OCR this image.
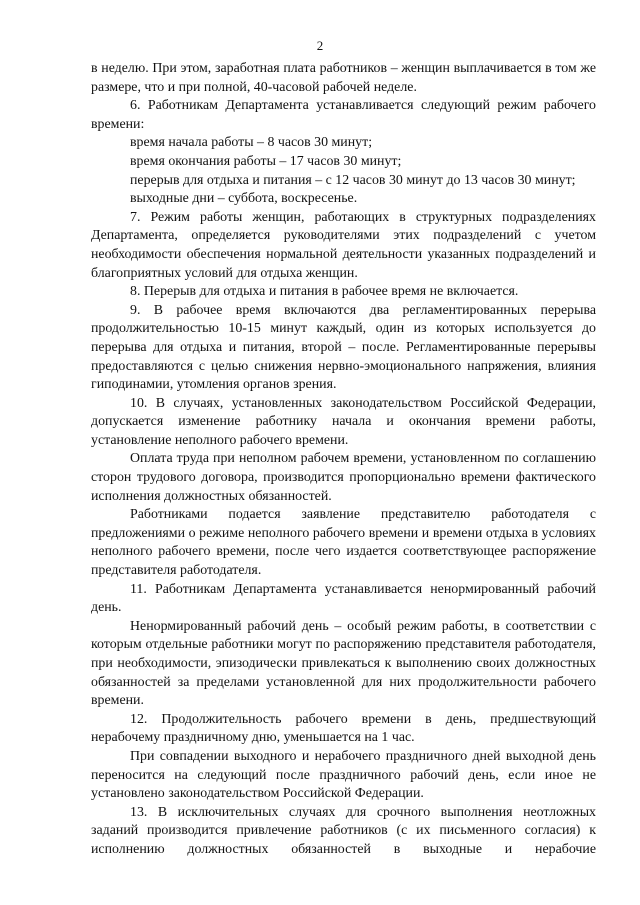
2

в неделю. При этом, заработная плата работников – женщин выплачивается в том же размере, что и при полной, 40-часовой рабочей неделе.

6. Работникам Департамента устанавливается следующий режим рабочего времени:

время начала работы – 8 часов 30 минут;

время окончания работы – 17 часов 30 минут;

перерыв для отдыха и питания – с 12 часов 30 минут до 13 часов 30 минут;

выходные дни – суббота, воскресенье.

7. Режим работы женщин, работающих в структурных подразделениях Департамента, определяется руководителями этих подразделений с учетом необходимости обеспечения нормальной деятельности указанных подразделений и благоприятных условий для отдыха женщин.

8. Перерыв для отдыха и питания в рабочее время не включается.

9. В рабочее время включаются два регламентированных перерыва продолжительностью 10-15 минут каждый, один из которых используется до перерыва для отдыха и питания, второй – после. Регламентированные перерывы предоставляются с целью снижения нервно-эмоционального напряжения, влияния гиподинамии, утомления органов зрения.

10. В случаях, установленных законодательством Российской Федерации, допускается изменение работнику начала и окончания времени работы, установление неполного рабочего времени.

Оплата труда при неполном рабочем времени, установленном по соглашению сторон трудового договора, производится пропорционально времени фактического исполнения должностных обязанностей.

Работниками подается заявление представителю работодателя с предложениями о режиме неполного рабочего времени и времени отдыха в условиях неполного рабочего времени, после чего издается соответствующее распоряжение представителя работодателя.

11. Работникам Департамента устанавливается ненормированный рабочий день.

Ненормированный рабочий день – особый режим работы, в соответствии с которым отдельные работники могут по распоряжению представителя работодателя, при необходимости, эпизодически привлекаться к выполнению своих должностных обязанностей за пределами установленной для них продолжительности рабочего времени.

12. Продолжительность рабочего времени в день, предшествующий нерабочему праздничному дню, уменьшается на 1 час.

При совпадении выходного и нерабочего праздничного дней выходной день переносится на следующий после праздничного рабочий день, если иное не установлено законодательством Российской Федерации.

13. В исключительных случаях для срочного выполнения неотложных заданий производится привлечение работников (с их письменного согласия) к исполнению должностных обязанностей в выходные и нерабочие
